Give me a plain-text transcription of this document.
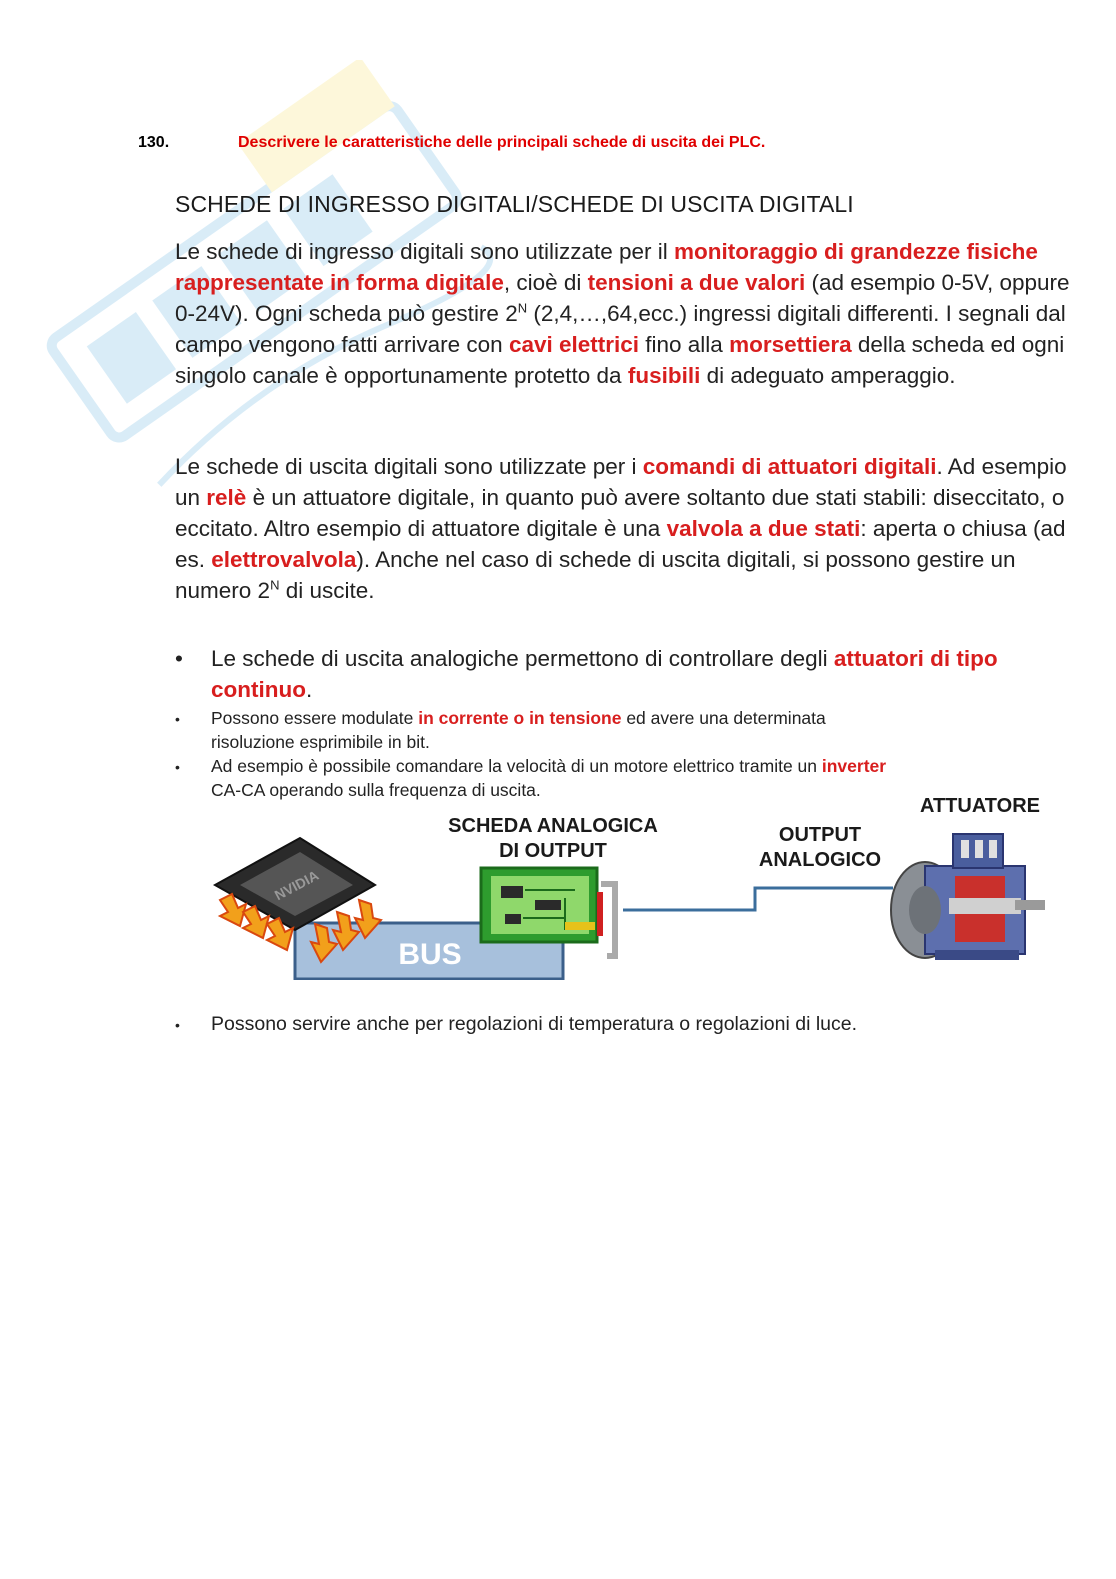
130.	Descrivere le caratteristiche delle principali schede di uscita dei PLC.
SCHEDE DI INGRESSO DIGITALI/SCHEDE DI USCITA DIGITALI

Le schede di ingresso digitali sono utilizzate per il monitoraggio di grandezze fisiche rappresentate in forma digitale, cioè di tensioni a due valori (ad esempio 0-5V, oppure 0-24V). Ogni scheda può gestire $2^N$ (2,4,…,64,ecc.) ingressi digitali differenti. I segnali dal campo vengono fatti arrivare con cavi elettrici fino alla morsettiera della scheda ed ogni singolo canale è opportunamente protetto da fusibili di adeguato amperaggio.

Le schede di uscita digitali sono utilizzate per i comandi di attuatori digitali. Ad esempio un relè è un attuatore digitale, in quanto può avere soltanto due stati stabili: diseccitato, o eccitato. Altro esempio di attuatore digitale è una valvola a due stati: aperta o chiusa (ad es. elettrovalvola). Anche nel caso di schede di uscita digitali, si possono gestire un numero $2^N$ di uscite.

• Le schede di uscita analogiche permettono di controllare degli attuatori di tipo continuo.
• Possono essere modulate in corrente o in tensione ed avere una determinata risoluzione esprimibile in bit.
• Ad esempio è possibile comandare la velocità di un motore elettrico tramite un inverter CA-CA operando sulla frequenza di uscita.
BUS
NVIDIA
SCHEDA ANALOGICA
DI OUTPUT
OUTPUT
ANALOGICO
ATTUATORE
• Possono servire anche per regolazioni di temperatura o regolazioni di luce.
